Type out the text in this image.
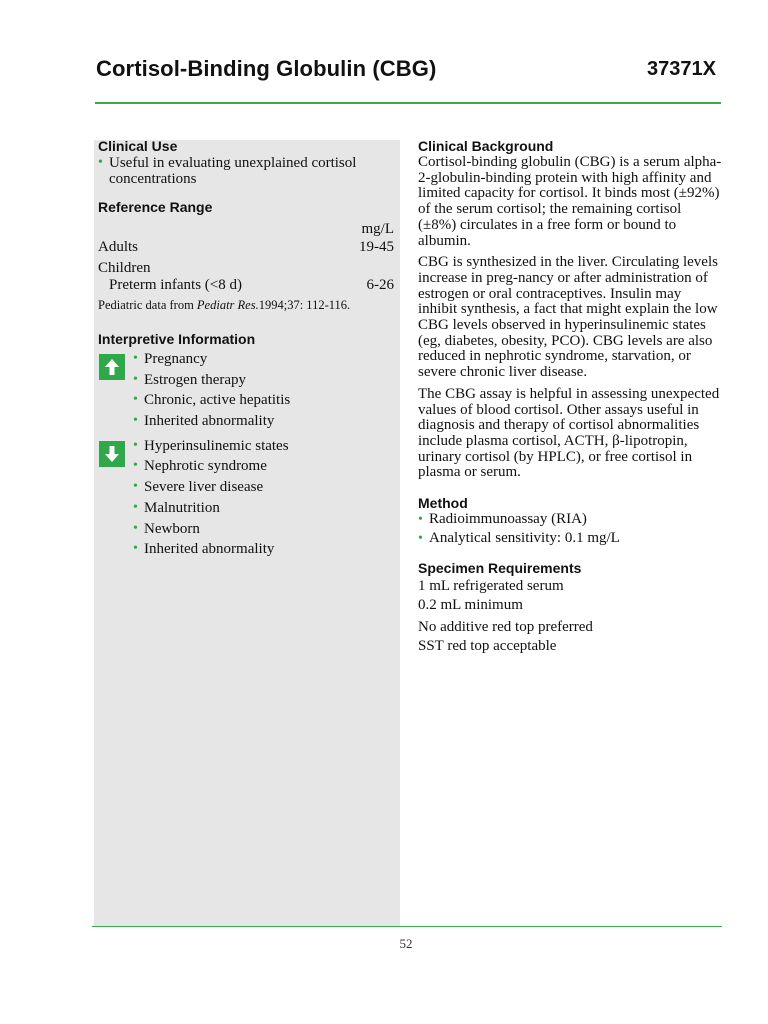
Cortisol-Binding Globulin (CBG)	37371X
Clinical Use
• Useful in evaluating unexplained cortisol concentrations
Reference Range
mg/L
Adults	19-45
Children
Preterm infants (<8 d)	6-26

Pediatric data from Pediatr Res.1994;37: 112-116.

Interpretive Information
• Pregnancy
• Estrogen therapy
• Chronic, active hepatitis
• Inherited abnormality
• Hyperinsulinemic states
• Nephrotic syndrome
• Severe liver disease
• Malnutrition
• Newborn
• Inherited abnormality
Clinical Background

Cortisol-binding globulin (CBG) is a serum alpha-2-globulin-binding protein with high affinity and limited capacity for cortisol. It binds most (±92%) of the serum cortisol; the remaining cortisol (±8%) circulates in a free form or bound to albumin.

CBG is synthesized in the liver. Circulating levels increase in preg-nancy or after administration of estrogen or oral contraceptives. Insulin may inhibit synthesis, a fact that might explain the low CBG levels observed in hyperinsulinemic states (eg, diabetes, obesity, PCO). CBG levels are also reduced in nephrotic syndrome, starvation, or severe chronic liver disease.

The CBG assay is helpful in assessing unexpected values of blood cortisol. Other assays useful in diagnosis and therapy of cortisol abnormalities include plasma cortisol, ACTH, β-lipotropin, urinary cortisol (by HPLC), or free cortisol in plasma or serum.

Method
• Radioimmunoassay (RIA)
• Analytical sensitivity: 0.1 mg/L
Specimen Requirements

1 mL refrigerated serum

0.2 mL minimum

No additive red top preferred

SST red top acceptable

52
